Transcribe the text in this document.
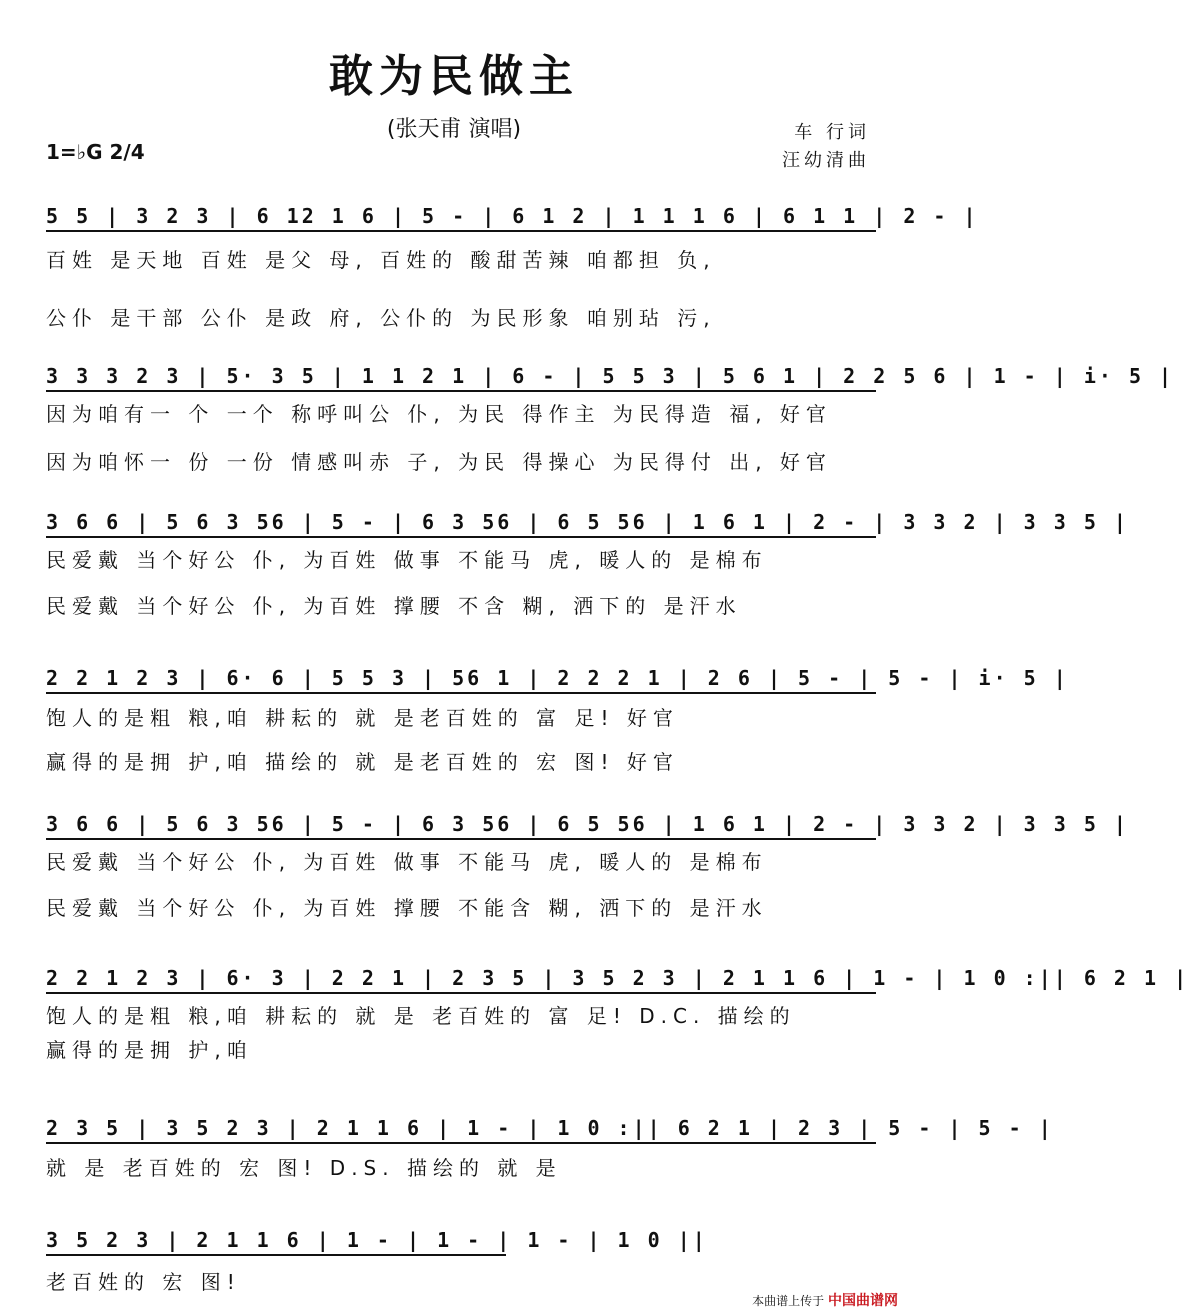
敢为民做主
(张天甫 演唱)
1=♭G 2/4
车 行词
汪幼清曲
5 5 | 3 2 3 | 6 12 1 6 | 5 - | 6 1 2 | 1 1 1 6 | 6 1 1 | 2 - |
百姓 是天地 百姓 是父 母, 百姓的 酸甜苦辣 咱都担 负,
公仆 是干部 公仆 是政 府, 公仆的 为民形象 咱别玷 污,
3 3 3 2 3 | 5· 3 5 | 1 1 2 1 | 6 - | 5 5 3 | 5 6 1 | 2 2 5 6 | 1 - | i· 5 |
因为咱有一 个 一个 称呼叫公 仆, 为民 得作主 为民得造 福, 好官
因为咱怀一 份 一份 情感叫赤 子, 为民 得操心 为民得付 出, 好官
3 6 6 | 5 6 3 56 | 5 - | 6 3 56 | 6 5 56 | 1 6 1 | 2 - | 3 3 2 | 3 3 5 |
民爱戴 当个好公 仆, 为百姓 做事 不能马 虎, 暖人的 是棉布
民爱戴 当个好公 仆, 为百姓 撑腰 不含 糊, 洒下的 是汗水
2 2 1 2 3 | 6· 6 | 5 5 3 | 56 1 | 2 2 2 1 | 2 6 | 5 - | 5 - | i· 5 |
饱人的是粗 粮,咱 耕耘的 就 是老百姓的 富 足! 好官
赢得的是拥 护,咱 描绘的 就 是老百姓的 宏 图! 好官
3 6 6 | 5 6 3 56 | 5 - | 6 3 56 | 6 5 56 | 1 6 1 | 2 - | 3 3 2 | 3 3 5 |
民爱戴 当个好公 仆, 为百姓 做事 不能马 虎, 暖人的 是棉布
民爱戴 当个好公 仆, 为百姓 撑腰 不能含 糊, 洒下的 是汗水
2 2 1 2 3 | 6· 3 | 2 2 1 | 2 3 5 | 3 5 2 3 | 2 1 1 6 | 1 - | 1 0 :|| 6 2 1 |
饱人的是粗 粮,咱 耕耘的 就 是 老百姓的 富 足! D.C. 描绘的
赢得的是拥 护,咱
2 3 5 | 3 5 2 3 | 2 1 1 6 | 1 - | 1 0 :|| 6 2 1 | 2 3 | 5 - | 5 - |
就 是 老百姓的 宏 图! D.S. 描绘的 就 是
3 5 2 3 | 2 1 1 6 | 1 - | 1 - | 1 - | 1 0 ||
老百姓的 宏 图!
本曲谱上传于 中国曲谱网
